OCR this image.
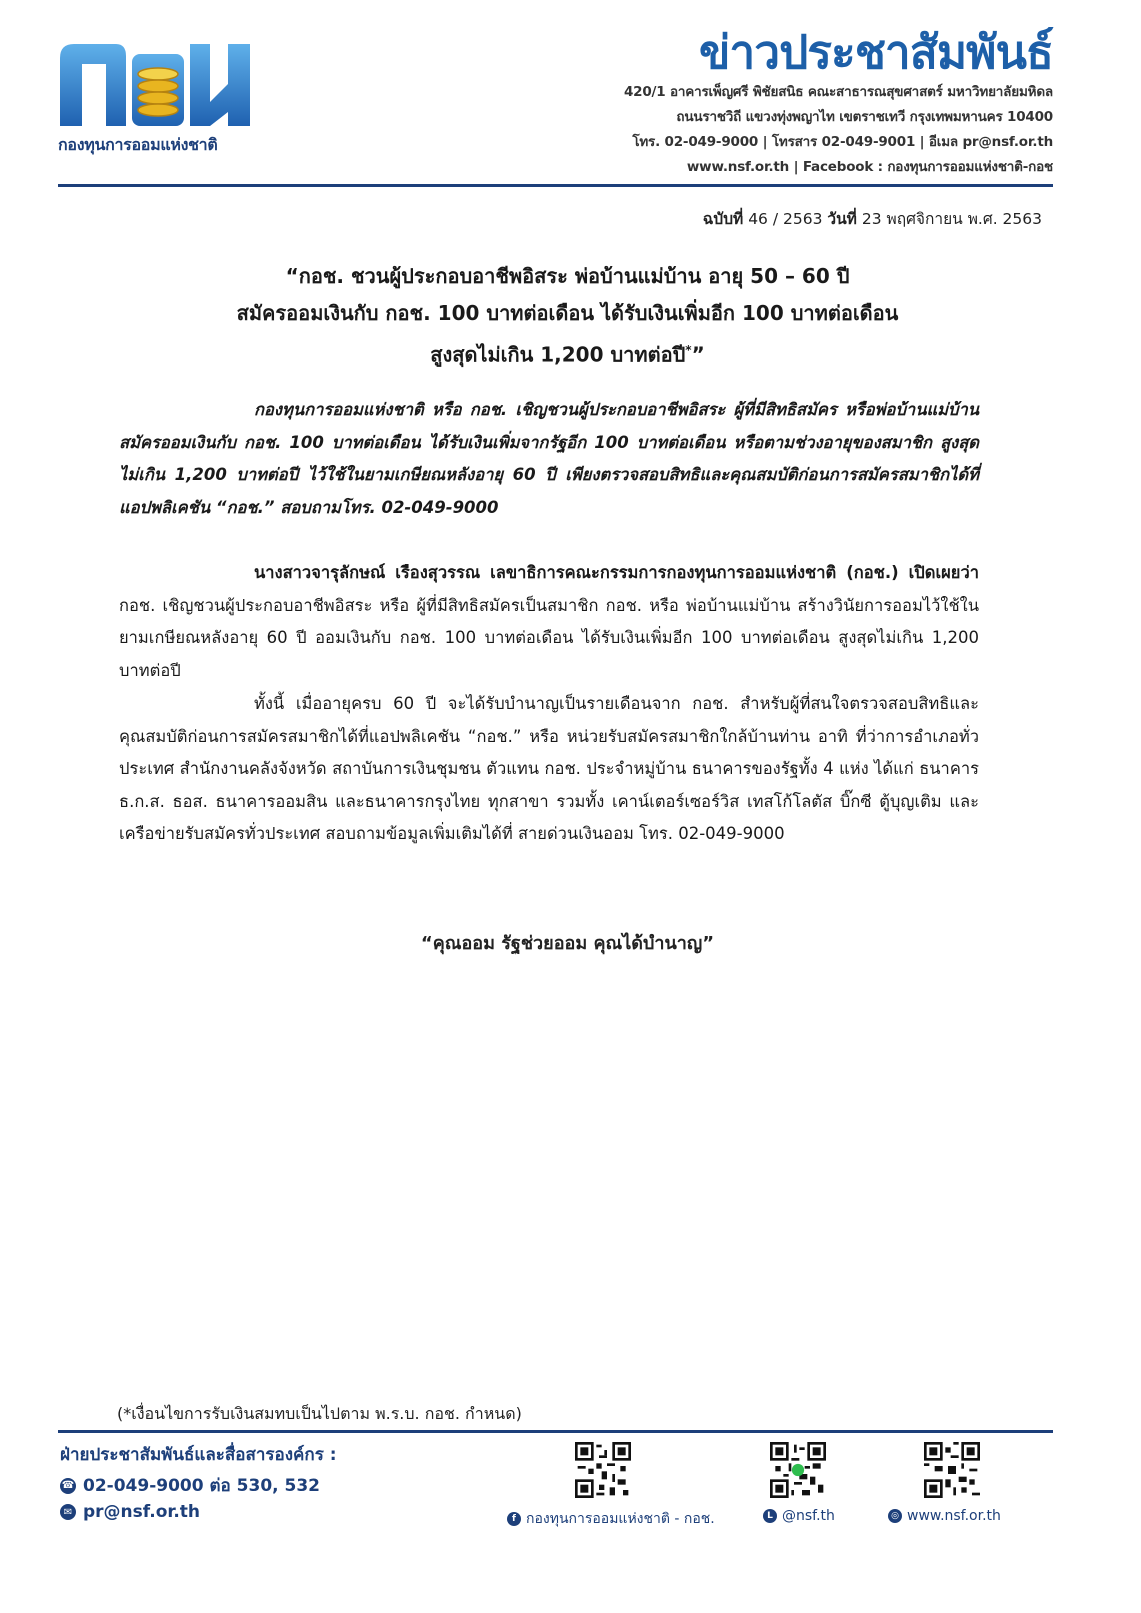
กองทุนการออมแห่งชาติ
ข่าวประชาสัมพันธ์
420/1 อาคารเพ็ญศรี พิชัยสนิธ คณะสาธารณสุขศาสตร์ มหาวิทยาลัยมหิดล
ถนนราชวิถี แขวงทุ่งพญาไท เขตราชเทวี กรุงเทพมหานคร 10400
โทร. 02-049-9000 | โทรสาร 02-049-9001 | อีเมล pr@nsf.or.th
www.nsf.or.th | Facebook : กองทุนการออมแห่งชาติ-กอช
ฉบับที่ 46 / 2563 วันที่ 23 พฤศจิกายน พ.ศ. 2563
“กอช. ชวนผู้ประกอบอาชีพอิสระ พ่อบ้านแม่บ้าน อายุ 50 – 60 ปี
สมัครออมเงินกับ กอช. 100 บาทต่อเดือน ได้รับเงินเพิ่มอีก 100 บาทต่อเดือน
สูงสุดไม่เกิน 1,200 บาทต่อปี*”
กองทุนการออมแห่งชาติ หรือ กอช. เชิญชวนผู้ประกอบอาชีพอิสระ ผู้ที่มีสิทธิสมัคร หรือพ่อบ้านแม่บ้าน สมัครออมเงินกับ กอช. 100 บาทต่อเดือน ได้รับเงินเพิ่มจากรัฐอีก 100 บาทต่อเดือน หรือตามช่วงอายุของสมาชิก สูงสุดไม่เกิน 1,200 บาทต่อปี ไว้ใช้ในยามเกษียณหลังอายุ 60 ปี เพียงตรวจสอบสิทธิและคุณสมบัติก่อนการสมัครสมาชิกได้ที่ แอปพลิเคชัน “กอช.” สอบถามโทร. 02-049-9000
นางสาวจารุลักษณ์ เรืองสุวรรณ เลขาธิการคณะกรรมการกองทุนการออมแห่งชาติ (กอช.) เปิดเผยว่า กอช. เชิญชวนผู้ประกอบอาชีพอิสระ หรือ ผู้ที่มีสิทธิสมัครเป็นสมาชิก กอช. หรือ พ่อบ้านแม่บ้าน สร้างวินัยการออมไว้ใช้ในยามเกษียณหลังอายุ 60 ปี ออมเงินกับ กอช. 100 บาทต่อเดือน ได้รับเงินเพิ่มอีก 100 บาทต่อเดือน สูงสุดไม่เกิน 1,200 บาทต่อปี
ทั้งนี้ เมื่ออายุครบ 60 ปี จะได้รับบำนาญเป็นรายเดือนจาก กอช. สำหรับผู้ที่สนใจตรวจสอบสิทธิและคุณสมบัติก่อนการสมัครสมาชิกได้ที่แอปพลิเคชัน “กอช.” หรือ หน่วยรับสมัครสมาชิกใกล้บ้านท่าน อาทิ ที่ว่าการอำเภอทั่วประเทศ สำนักงานคลังจังหวัด สถาบันการเงินชุมชน ตัวแทน กอช. ประจำหมู่บ้าน ธนาคารของรัฐทั้ง 4 แห่ง ได้แก่ ธนาคาร ธ.ก.ส. ธอส. ธนาคารออมสิน และธนาคารกรุงไทย ทุกสาขา รวมทั้ง เคาน์เตอร์เซอร์วิส เทสโก้โลตัส บิ๊กซี ตู้บุญเติม และเครือข่ายรับสมัครทั่วประเทศ สอบถามข้อมูลเพิ่มเติมได้ที่ สายด่วนเงินออม โทร. 02-049-9000
“คุณออม รัฐช่วยออม คุณได้บำนาญ”
(*เงื่อนไขการรับเงินสมทบเป็นไปตาม พ.ร.บ. กอช. กำหนด)
ฝ่ายประชาสัมพันธ์และสื่อสารองค์กร :
☎ 02-049-9000 ต่อ 530, 532
✉ pr@nsf.or.th	f กองทุนการออมแห่งชาติ - กอช.	L @nsf.th	◎ www.nsf.or.th
